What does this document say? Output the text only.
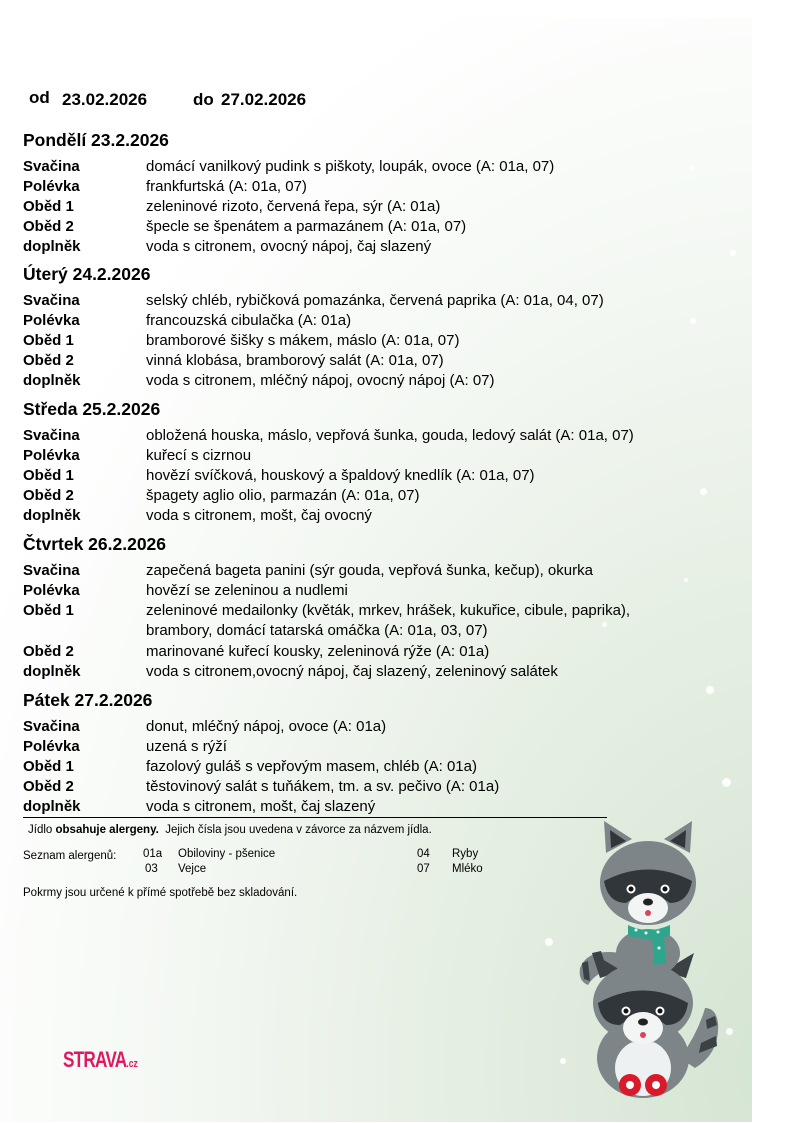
od 23.02.2026	do 27.02.2026
Pondělí 23.2.2026
Svačina	domácí vanilkový pudink s piškoty, loupák, ovoce (A: 01a, 07)
Polévka	frankfurtská (A: 01a, 07)
Oběd 1	zeleninové rizoto, červená řepa, sýr (A: 01a)
Oběd 2	špecle se špenátem a parmazánem (A: 01a, 07)
doplněk	voda s citronem, ovocný nápoj, čaj slazený
Úterý 24.2.2026
Svačina	selský chléb, rybičková pomazánka, červená paprika (A: 01a, 04, 07)
Polévka	francouzská cibulačka (A: 01a)
Oběd 1	bramborové šišky s mákem, máslo (A: 01a, 07)
Oběd 2	vinná klobása, bramborový salát (A: 01a, 07)
doplněk	voda s citronem, mléčný nápoj, ovocný nápoj (A: 07)
Středa 25.2.2026
Svačina	obložená houska, máslo, vepřová šunka, gouda, ledový salát (A: 01a, 07)
Polévka	kuřecí s cizrnou
Oběd 1	hovězí svíčková, houskový a špaldový knedlík (A: 01a, 07)
Oběd 2	špagety aglio olio, parmazán (A: 01a, 07)
doplněk	voda s citronem, mošt, čaj ovocný
Čtvrtek 26.2.2026
Svačina	zapečená bageta panini (sýr gouda, vepřová šunka, kečup), okurka
Polévka	hovězí se zeleninou a nudlemi
Oběd 1	zeleninové medailonky (květák, mrkev, hrášek, kukuřice, cibule, paprika),
brambory, domácí tatarská omáčka (A: 01a, 03, 07)
Oběd 2	marinované kuřecí kousky, zeleninová rýže (A: 01a)
doplněk	voda s citronem,ovocný nápoj, čaj slazený, zeleninový salátek
Pátek 27.2.2026
Svačina	donut, mléčný nápoj, ovoce (A: 01a)
Polévka	uzená s rýží
Oběd 1	fazolový guláš s vepřovým masem, chléb (A: 01a)
Oběd 2	těstovinový salát s tuňákem, tm. a sv. pečivo (A: 01a)
doplněk	voda s citronem, mošt, čaj slazený
Jídlo obsahuje alergeny.  Jejich čísla jsou uvedena v závorce za názvem jídla.
Seznam alergenů: 01a Obiloviny - pšenice
03 Vejce
04 Ryby
07 Mléko
Pokrmy jsou určené k přímé spotřebě bez skladování.
STRAVA.cz
